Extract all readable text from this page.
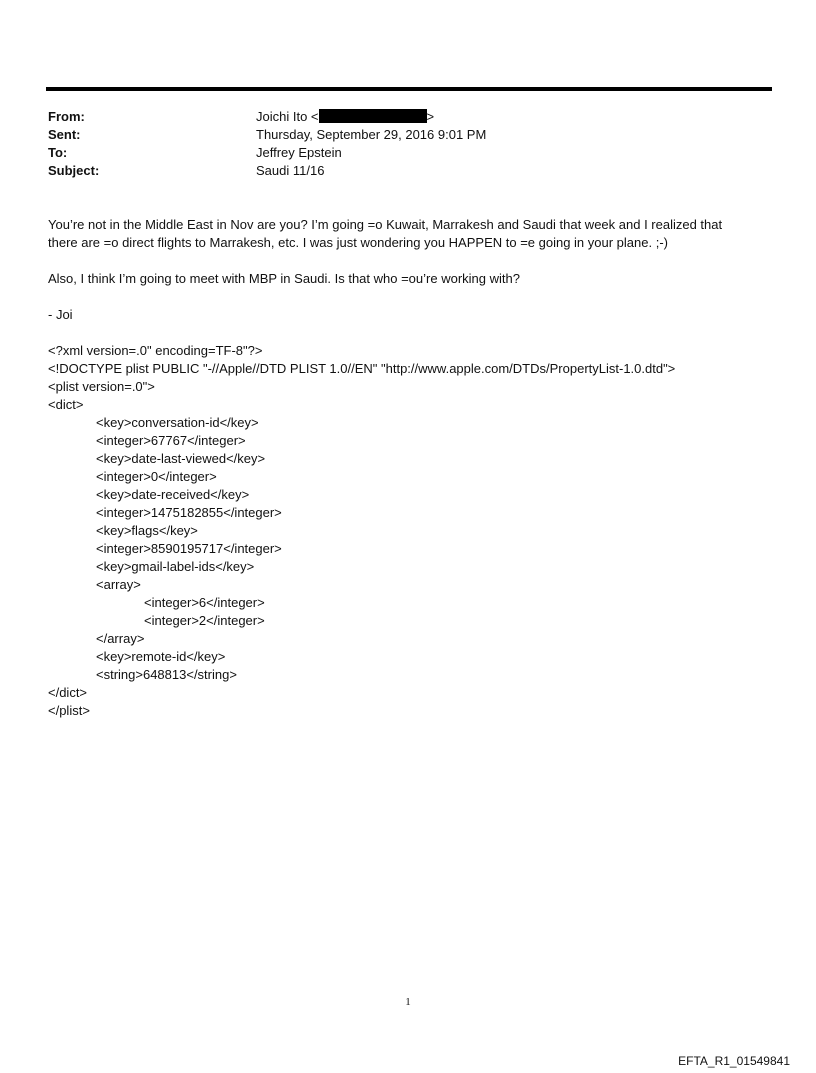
From:	Joichi Ito <	>
Sent:	Thursday, September 29, 2016 9:01 PM
To:	Jeffrey Epstein
Subject:	Saudi 11/16

You’re not in the Middle East in Nov are you? I’m going =o Kuwait, Marrakesh and Saudi that week and I realized that

there are =o direct flights to Marrakesh, etc. I was just wondering you HAPPEN to =e going in your plane. ;-)

Also, I think I’m going to meet with MBP in Saudi. Is that who =ou’re working with?

- Joi

<?xml version=.0" encoding=TF-8"?>

<!DOCTYPE plist PUBLIC "-//Apple//DTD PLIST 1.0//EN" "http://www.apple.com/DTDs/PropertyList-1.0.dtd">

<plist version=.0">

<dict>

<key>conversation-id</key>

<integer>67767</integer>

<key>date-last-viewed</key>

<integer>0</integer>

<key>date-received</key>

<integer>1475182855</integer>

<key>flags</key>

<integer>8590195717</integer>

<key>gmail-label-ids</key>

<array>

<integer>6</integer>

<integer>2</integer>

</array>

<key>remote-id</key>

<string>648813</string>

</dict>

</plist>

1
EFTA_R1_01549841
